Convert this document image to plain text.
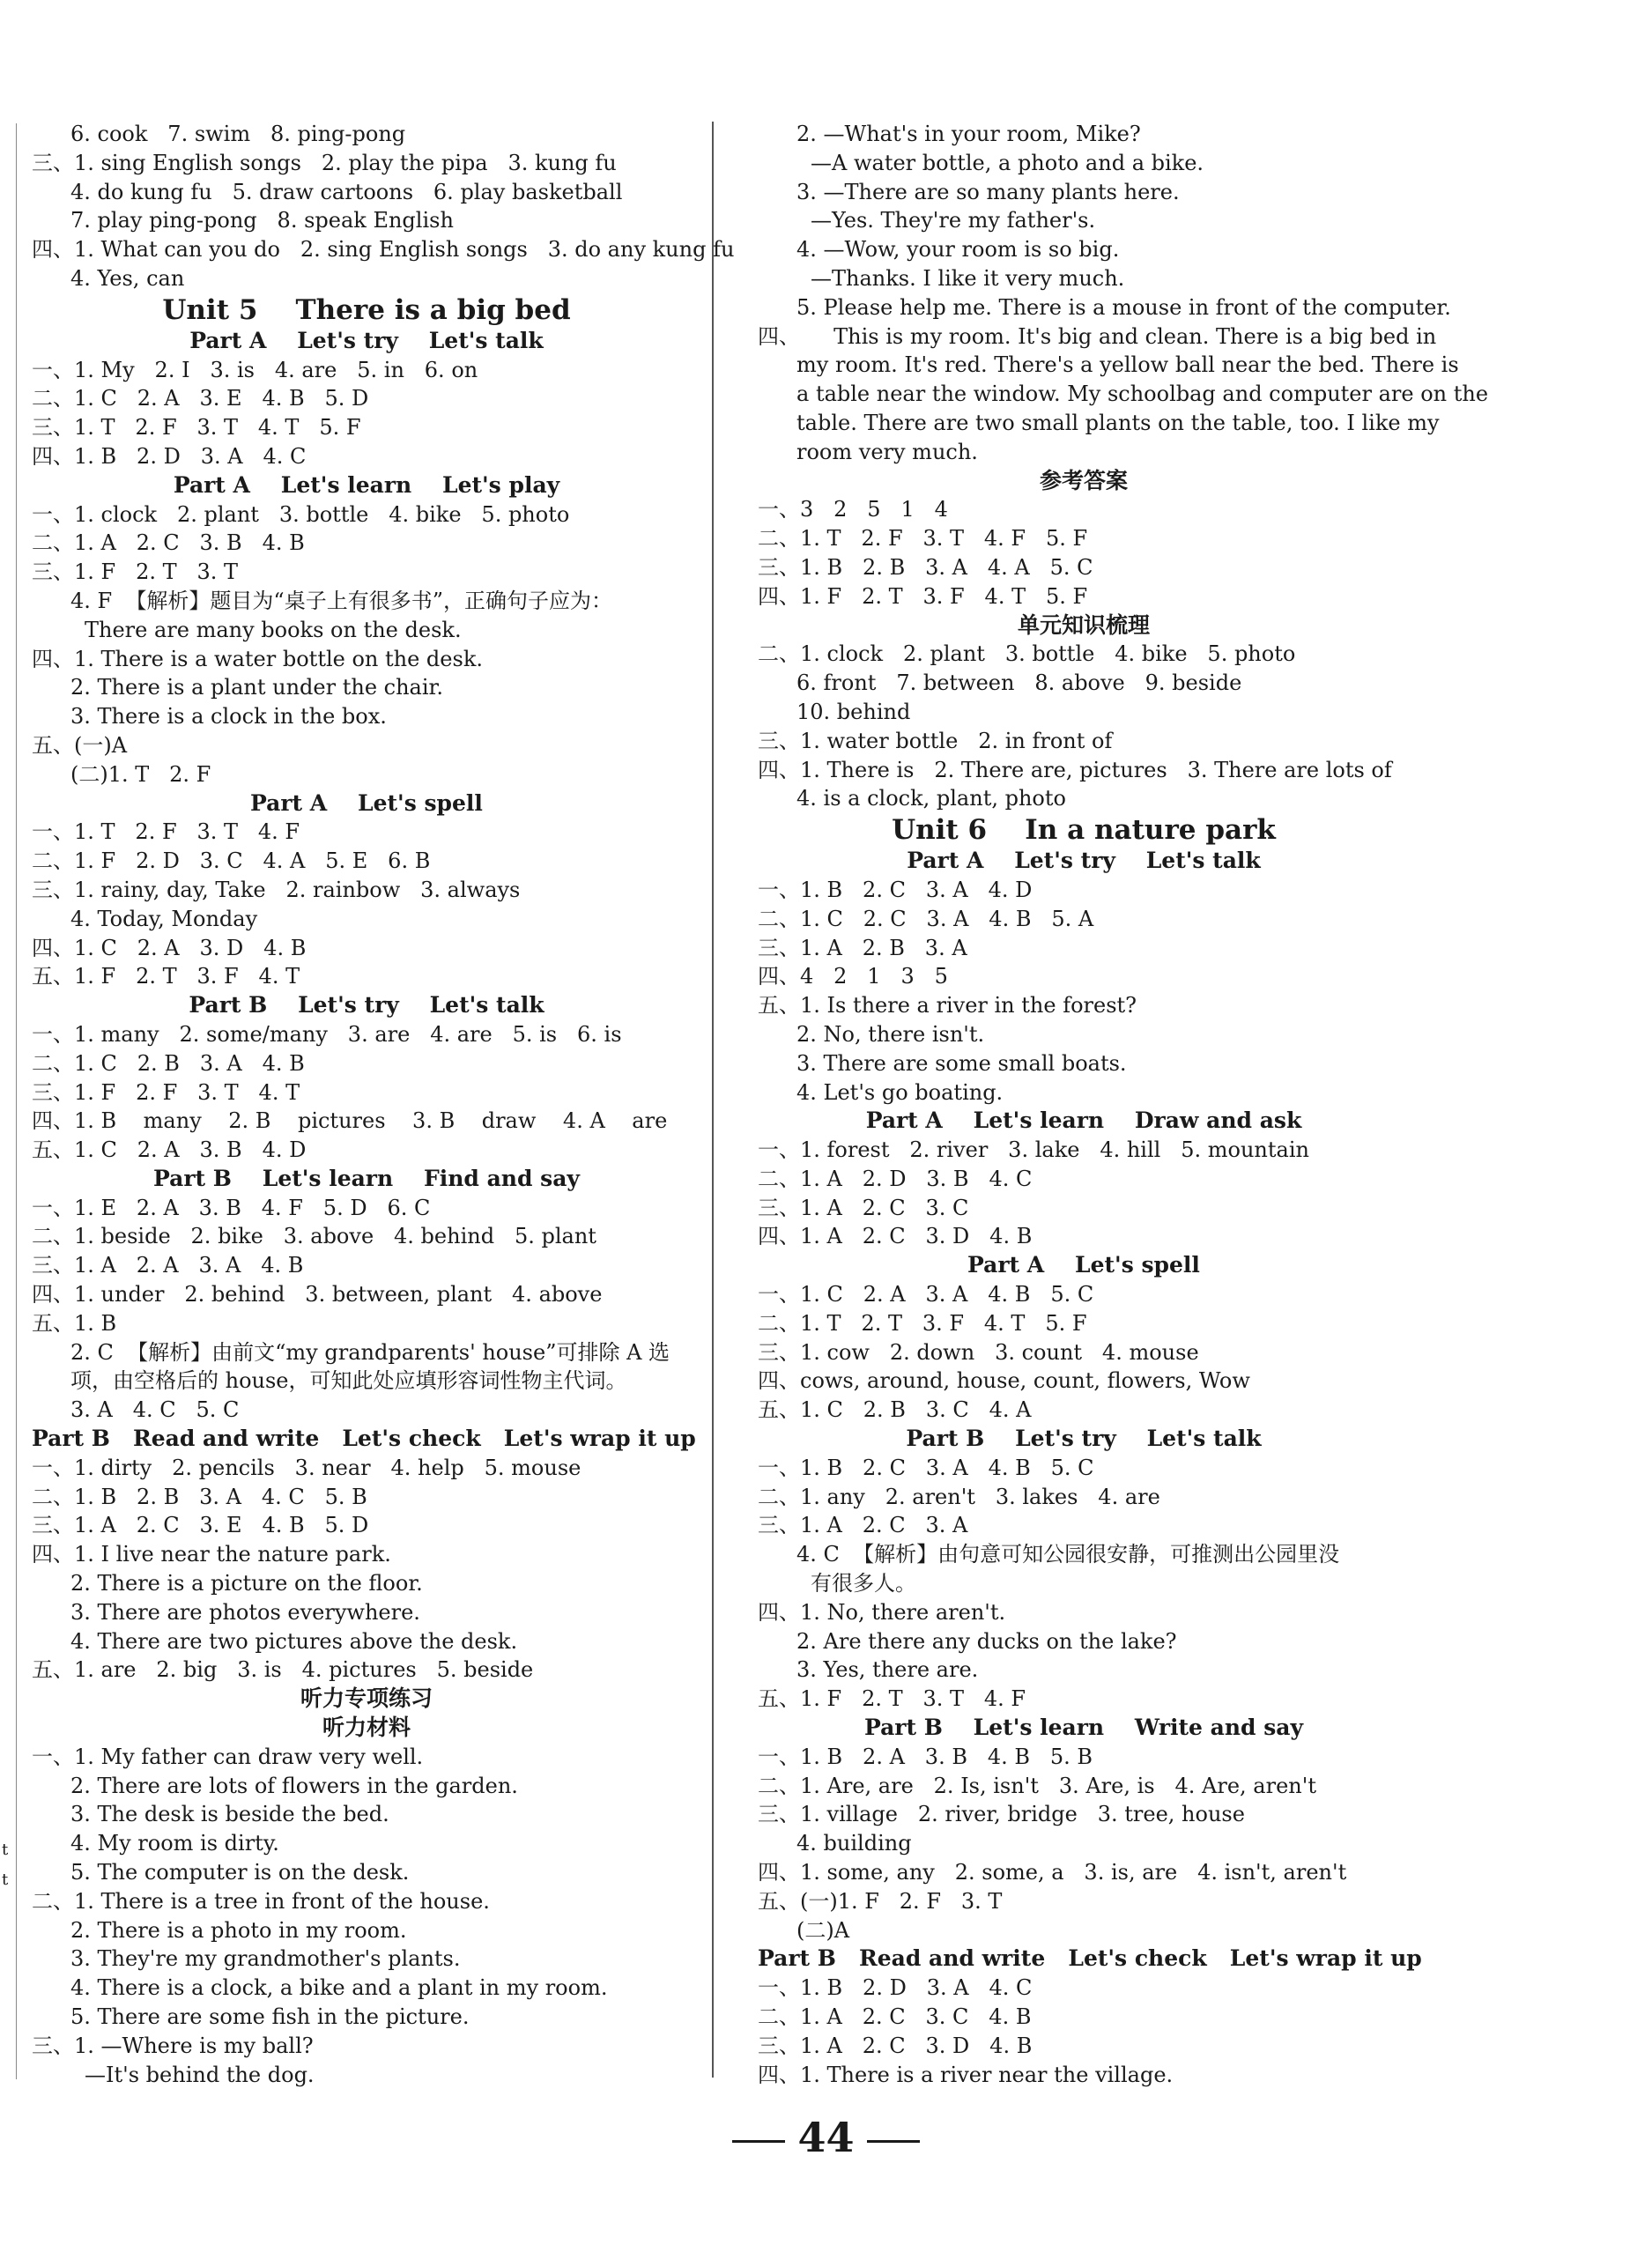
6. cook   7. swim   8. ping-pong
三、1. sing English songs   2. play the pipa   3. kung fu
4. do kung fu   5. draw cartoons   6. play basketball
7. play ping-pong   8. speak English
四、1. What can you do   2. sing English songs   3. do any kung fu
4. Yes, can
Unit 5    There is a big bed
Part A    Let's try    Let's talk
一、1. My   2. I   3. is   4. are   5. in   6. on
二、1. C   2. A   3. E   4. B   5. D
三、1. T   2. F   3. T   4. T   5. F
四、1. B   2. D   3. A   4. C
Part A    Let's learn    Let's play
一、1. clock   2. plant   3. bottle   4. bike   5. photo
二、1. A   2. C   3. B   4. B
三、1. F   2. T   3. T
4. F  【解析】题目为“桌子上有很多书”，正确句子应为：
There are many books on the desk.
四、1. There is a water bottle on the desk.
2. There is a plant under the chair.
3. There is a clock in the box.
五、(一)A
(二)1. T   2. F
Part A    Let's spell
一、1. T   2. F   3. T   4. F
二、1. F   2. D   3. C   4. A   5. E   6. B
三、1. rainy, day, Take   2. rainbow   3. always
4. Today, Monday
四、1. C   2. A   3. D   4. B
五、1. F   2. T   3. F   4. T
Part B    Let's try    Let's talk
一、1. many   2. some/many   3. are   4. are   5. is   6. is
二、1. C   2. B   3. A   4. B
三、1. F   2. F   3. T   4. T
四、1. B    many    2. B    pictures    3. B    draw    4. A    are
五、1. C   2. A   3. B   4. D
Part B    Let's learn    Find and say
一、1. E   2. A   3. B   4. F   5. D   6. C
二、1. beside   2. bike   3. above   4. behind   5. plant
三、1. A   2. A   3. A   4. B
四、1. under   2. behind   3. between, plant   4. above
五、1. B
2. C  【解析】由前文“my grandparents' house”可排除 A 选
项，由空格后的 house，可知此处应填形容词性物主代词。
3. A   4. C   5. C
Part B   Read and write   Let's check   Let's wrap it up
一、1. dirty   2. pencils   3. near   4. help   5. mouse
二、1. B   2. B   3. A   4. C   5. B
三、1. A   2. C   3. E   4. B   5. D
四、1. I live near the nature park.
2. There is a picture on the floor.
3. There are photos everywhere.
4. There are two pictures above the desk.
五、1. are   2. big   3. is   4. pictures   5. beside
听力专项练习
听力材料
一、1. My father can draw very well.
2. There are lots of flowers in the garden.
3. The desk is beside the bed.
4. My room is dirty.
5. The computer is on the desk.
二、1. There is a tree in front of the house.
2. There is a photo in my room.
3. They're my grandmother's plants.
4. There is a clock, a bike and a plant in my room.
5. There are some fish in the picture.
三、1. —Where is my ball?
—It's behind the dog.
2. —What's in your room, Mike?
—A water bottle, a photo and a bike.
3. —There are so many plants here.
—Yes. They're my father's.
4. —Wow, your room is so big.
—Thanks. I like it very much.
5. Please help me. There is a mouse in front of the computer.
四、     This is my room. It's big and clean. There is a big bed in
my room. It's red. There's a yellow ball near the bed. There is
a table near the window. My schoolbag and computer are on the
table. There are two small plants on the table, too. I like my
room very much.
参考答案
一、3   2   5   1   4
二、1. T   2. F   3. T   4. F   5. F
三、1. B   2. B   3. A   4. A   5. C
四、1. F   2. T   3. F   4. T   5. F
单元知识梳理
二、1. clock   2. plant   3. bottle   4. bike   5. photo
6. front   7. between   8. above   9. beside
10. behind
三、1. water bottle   2. in front of
四、1. There is   2. There are, pictures   3. There are lots of
4. is a clock, plant, photo
Unit 6    In a nature park
Part A    Let's try    Let's talk
一、1. B   2. C   3. A   4. D
二、1. C   2. C   3. A   4. B   5. A
三、1. A   2. B   3. A
四、4   2   1   3   5
五、1. Is there a river in the forest?
2. No, there isn't.
3. There are some small boats.
4. Let's go boating.
Part A    Let's learn    Draw and ask
一、1. forest   2. river   3. lake   4. hill   5. mountain
二、1. A   2. D   3. B   4. C
三、1. A   2. C   3. C
四、1. A   2. C   3. D   4. B
Part A    Let's spell
一、1. C   2. A   3. A   4. B   5. C
二、1. T   2. T   3. F   4. T   5. F
三、1. cow   2. down   3. count   4. mouse
四、cows, around, house, count, flowers, Wow
五、1. C   2. B   3. C   4. A
Part B    Let's try    Let's talk
一、1. B   2. C   3. A   4. B   5. C
二、1. any   2. aren't   3. lakes   4. are
三、1. A   2. C   3. A
4. C  【解析】由句意可知公园很安静，可推测出公园里没
有很多人。
四、1. No, there aren't.
2. Are there any ducks on the lake?
3. Yes, there are.
五、1. F   2. T   3. T   4. F
Part B    Let's learn    Write and say
一、1. B   2. A   3. B   4. B   5. B
二、1. Are, are   2. Is, isn't   3. Are, is   4. Are, aren't
三、1. village   2. river, bridge   3. tree, house
4. building
四、1. some, any   2. some, a   3. is, are   4. isn't, aren't
五、(一)1. F   2. F   3. T
(二)A
Part B   Read and write   Let's check   Let's wrap it up
一、1. B   2. D   3. A   4. C
二、1. A   2. C   3. C   4. B
三、1. A   2. C   3. D   4. B
四、1. There is a river near the village.
t
t
44
